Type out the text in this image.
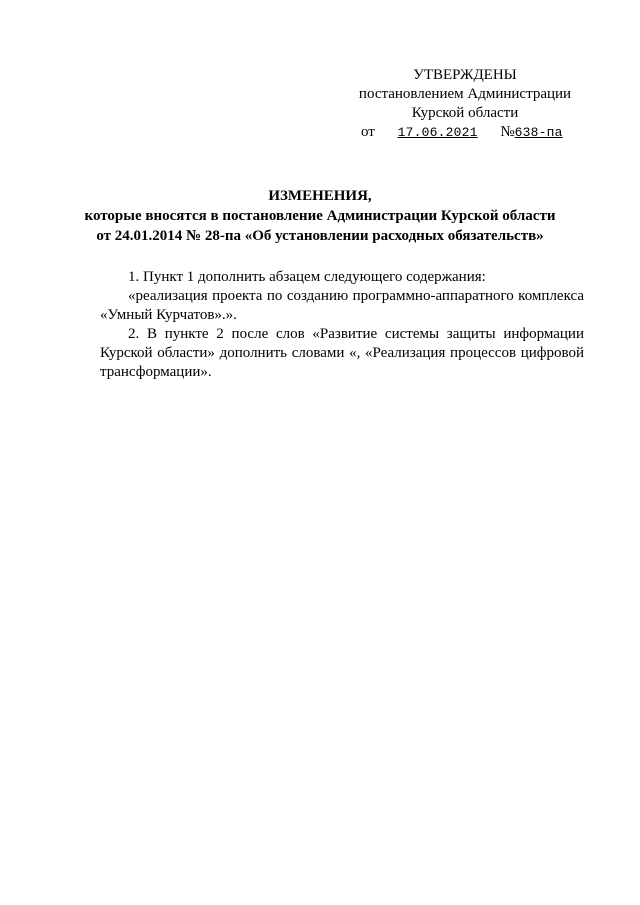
УТВЕРЖДЕНЫ
постановлением Администрации
Курской области
от 17.06.2021 №638-па
ИЗМЕНЕНИЯ,
которые вносятся в постановление Администрации Курской области
от 24.01.2014 № 28-па «Об установлении расходных обязательств»

1. Пункт 1 дополнить абзацем следующего содержания:

«реализация проекта по созданию программно-аппаратного комплекса «Умный Курчатов».».

2. В пункте 2 после слов «Развитие системы защиты информации Курской области» дополнить словами «, «Реализация процессов цифровой трансформации».
